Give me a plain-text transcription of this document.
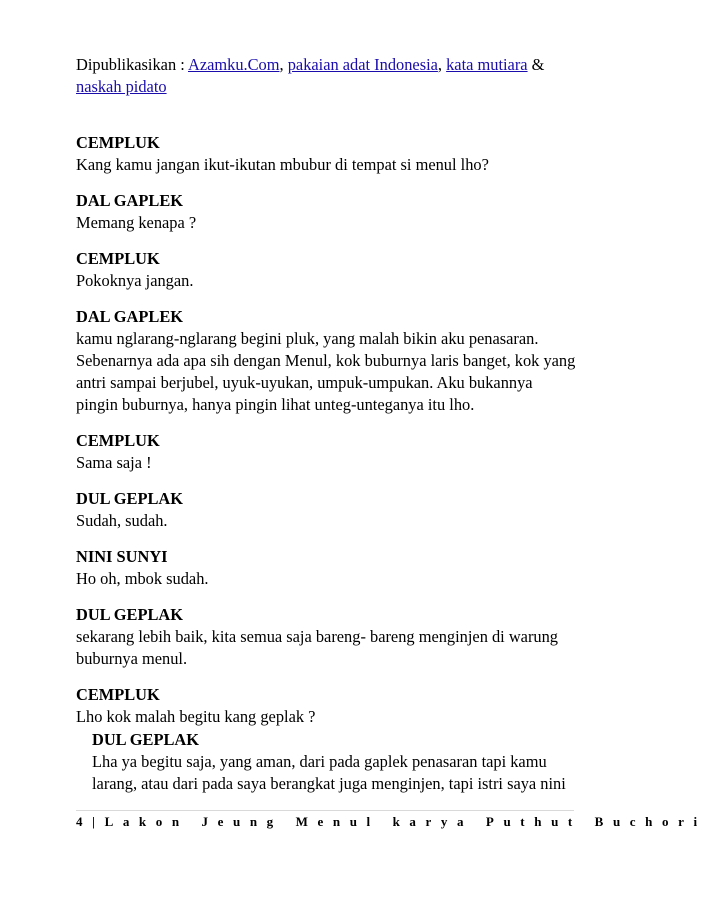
Dipublikasikan : Azamku.Com, pakaian adat Indonesia, kata mutiara & naskah pidato
CEMPLUK
Kang kamu jangan ikut-ikutan mbubur di tempat si menul lho?
DAL GAPLEK
Memang kenapa ?
CEMPLUK
Pokoknya jangan.
DAL GAPLEK
kamu nglarang-nglarang begini pluk, yang malah bikin aku penasaran. Sebenarnya ada apa sih dengan Menul, kok buburnya laris banget, kok yang antri sampai berjubel, uyuk-uyukan, umpuk-umpukan. Aku bukannya pingin buburnya, hanya pingin lihat unteg-unteganya itu lho.
CEMPLUK
Sama saja !
DUL GEPLAK
Sudah, sudah.
NINI SUNYI
Ho oh, mbok sudah.
DUL GEPLAK
sekarang lebih baik, kita semua saja bareng- bareng menginjen di warung buburnya menul.
CEMPLUK
Lho kok malah begitu kang geplak ?
DUL GEPLAK
Lha ya begitu saja, yang aman, dari pada gaplek penasaran tapi kamu larang, atau dari pada saya berangkat juga menginjen, tapi istri saya nini
4|Lakon Jeung Menul karya Puthut Buchori
